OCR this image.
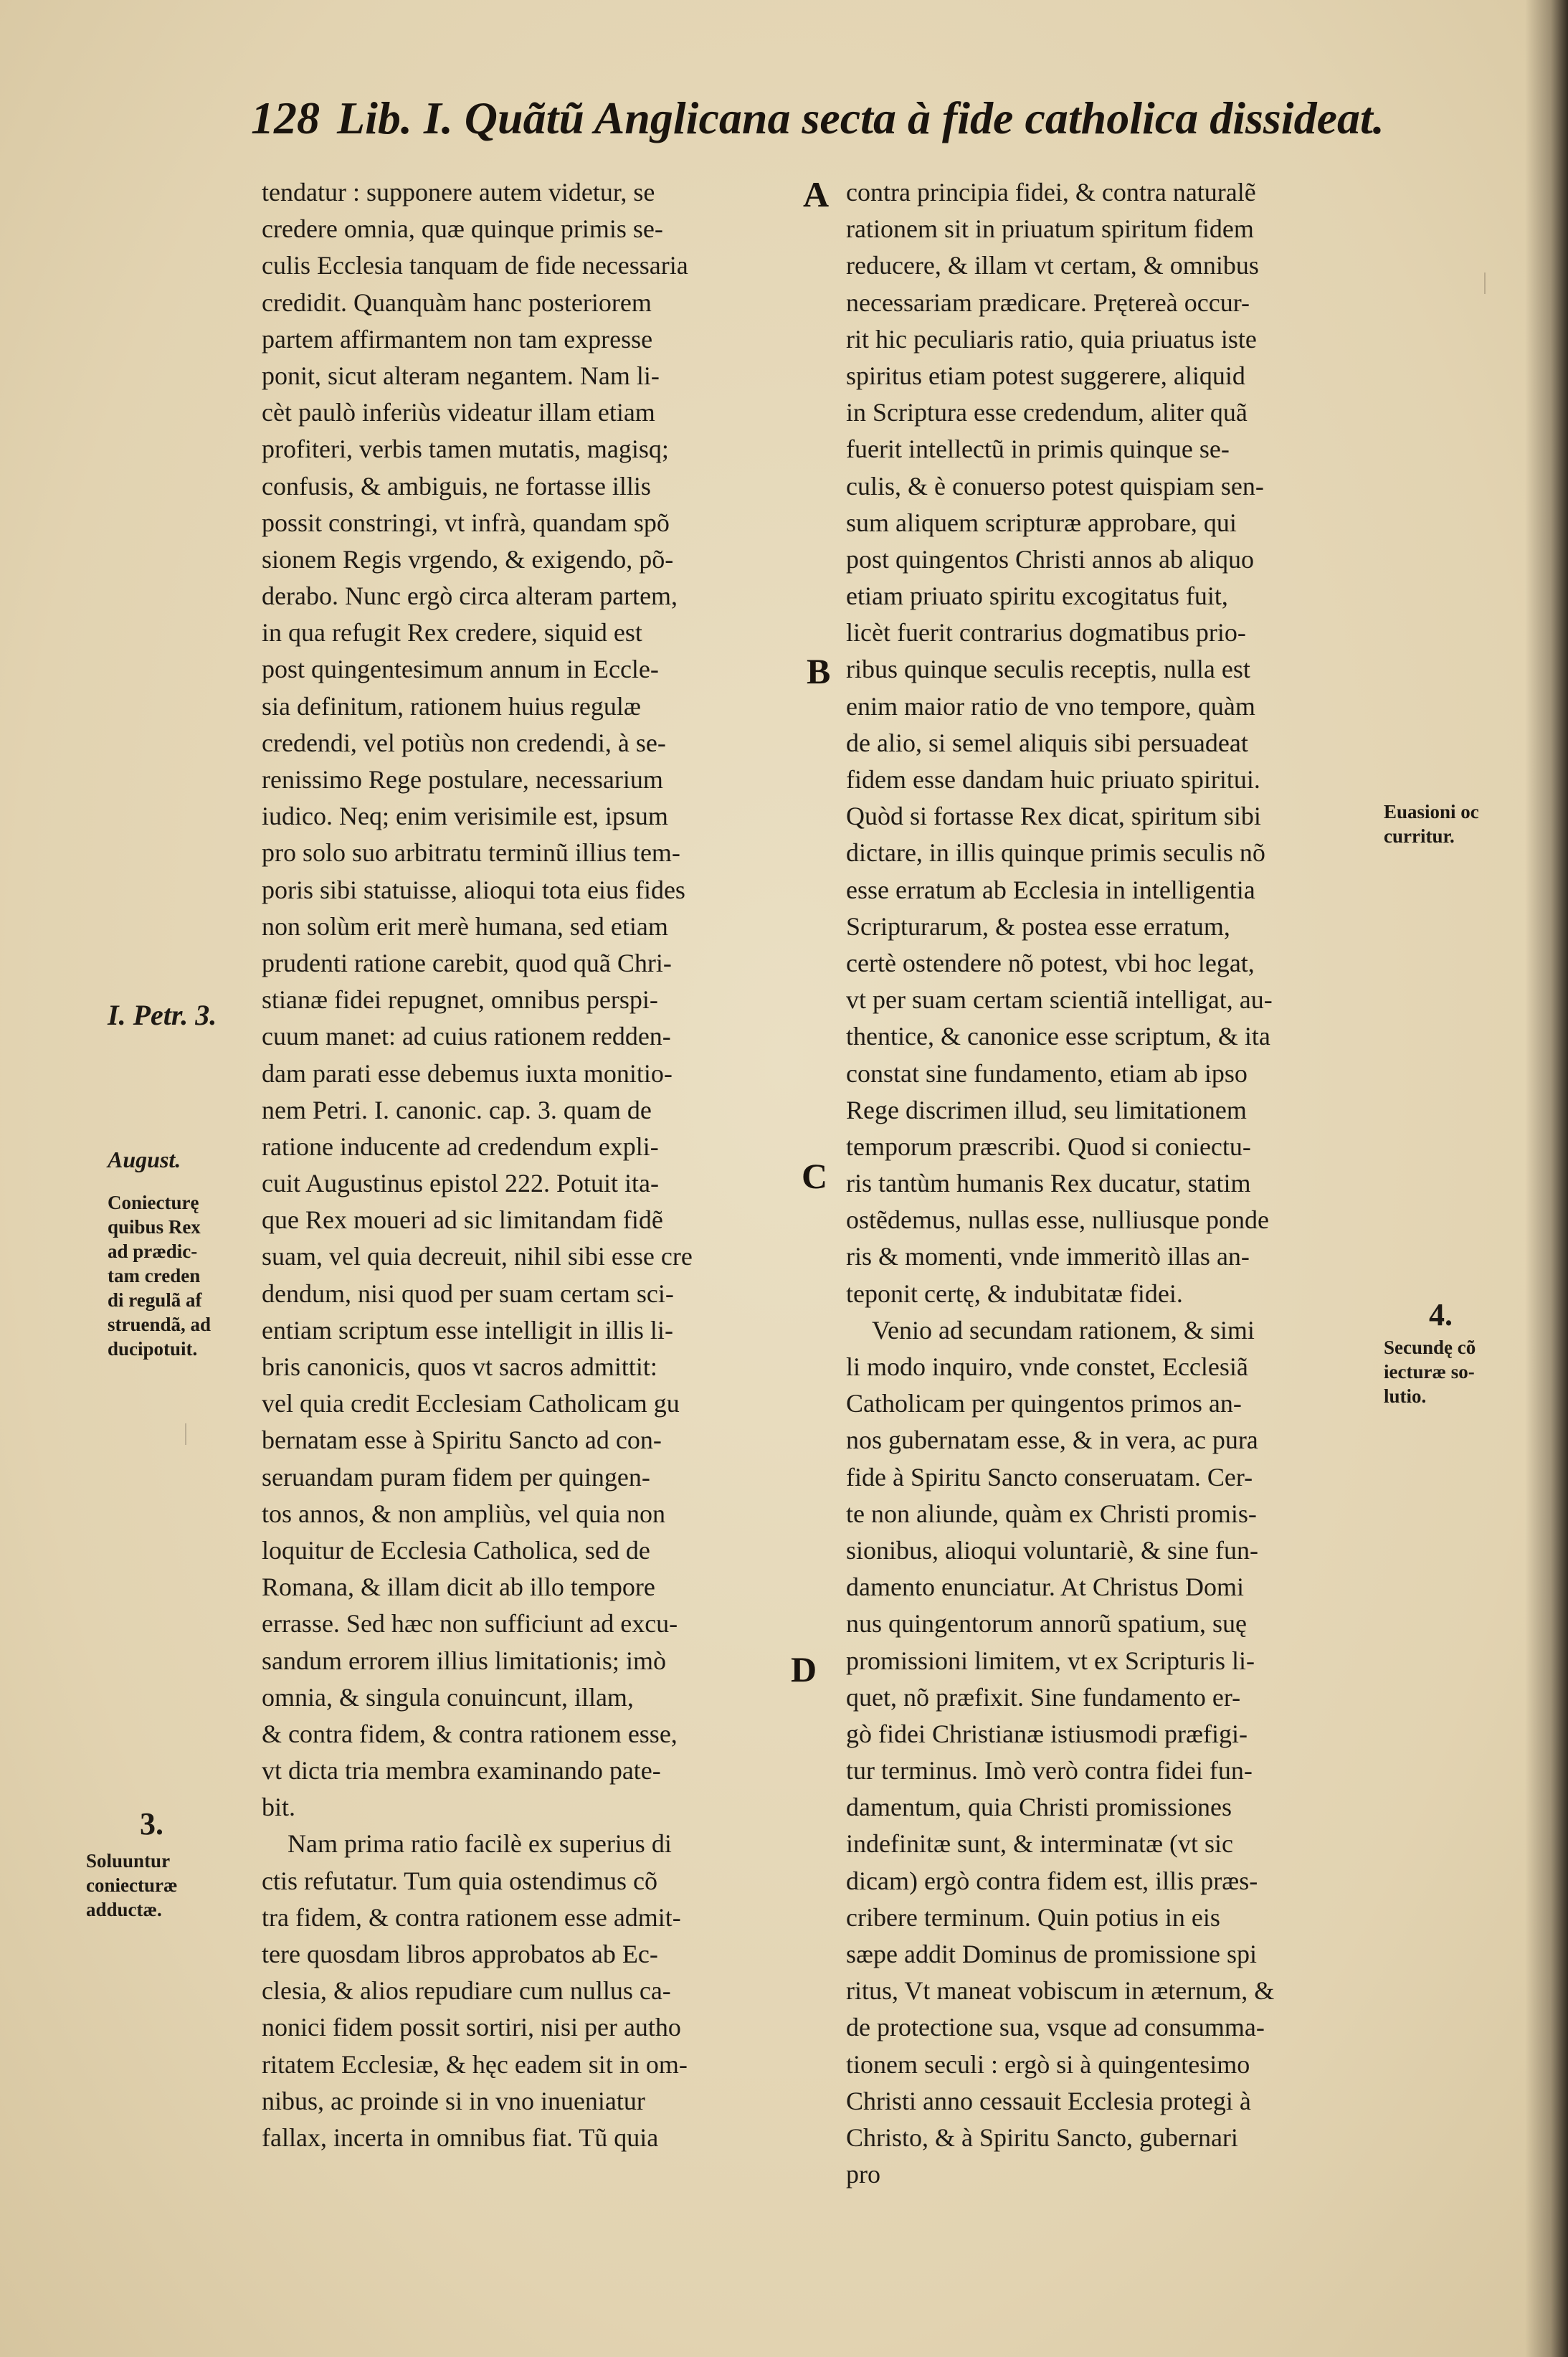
128 Lib. I. Quãtũ Anglicana secta à fide catholica dissideat.
A
B
C
D
tendatur : supponere autem videtur, se
credere omnia, quæ quinque primis se-
culis Ecclesia tanquam de fide necessaria
credidit. Quanquàm hanc posteriorem
partem affirmantem non tam expresse
ponit, sicut alteram negantem. Nam li-
cèt paulò inferiùs videatur illam etiam
profiteri, verbis tamen mutatis, magisq;
confusis, & ambiguis, ne fortasse illis
possit constringi, vt infrà, quandam spõ
sionem Regis vrgendo, & exigendo, põ-
derabo. Nunc ergò circa alteram partem,
in qua refugit Rex credere, siquid est
post quingentesimum annum in Eccle-
sia definitum, rationem huius regulæ
credendi, vel potiùs non credendi, à se-
renissimo Rege postulare, necessarium
iudico. Neq; enim verisimile est, ipsum
pro solo suo arbitratu terminũ illius tem-
poris sibi statuisse, alioqui tota eius fides
non solùm erit merè humana, sed etiam
prudenti ratione carebit, quod quã Chri-
stianæ fidei repugnet, omnibus perspi-
cuum manet: ad cuius rationem redden-
dam parati esse debemus iuxta monitio-
nem Petri. I. canonic. cap. 3. quam de
ratione inducente ad credendum expli-
cuit Augustinus epistol 222. Potuit ita-
que Rex moueri ad sic limitandam fidẽ
suam, vel quia decreuit, nihil sibi esse cre
dendum, nisi quod per suam certam sci-
entiam scriptum esse intelligit in illis li-
bris canonicis, quos vt sacros admittit:
vel quia credit Ecclesiam Catholicam gu
bernatam esse à Spiritu Sancto ad con-
seruandam puram fidem per quingen-
tos annos, & non ampliùs, vel quia non
loquitur de Ecclesia Catholica, sed de
Romana, & illam dicit ab illo tempore
errasse. Sed hæc non sufficiunt ad excu-
sandum errorem illius limitationis; imò
omnia, & singula conuincunt, illam,
& contra fidem, & contra rationem esse,
vt dicta tria membra examinando pate-
bit.
Nam prima ratio facilè ex superius di
ctis refutatur. Tum quia ostendimus cõ
tra fidem, & contra rationem esse admit-
tere quosdam libros approbatos ab Ec-
clesia, & alios repudiare cum nullus ca-
nonici fidem possit sortiri, nisi per autho
ritatem Ecclesiæ, & hęc eadem sit in om-
nibus, ac proinde si in vno inueniatur
fallax, incerta in omnibus fiat. Tũ quia
contra principia fidei, & contra naturalẽ
rationem sit in priuatum spiritum fidem
reducere, & illam vt certam, & omnibus
necessariam prædicare. Prętereà occur-
rit hic peculiaris ratio, quia priuatus iste
spiritus etiam potest suggerere, aliquid
in Scriptura esse credendum, aliter quã
fuerit intellectũ in primis quinque se-
culis, & è conuerso potest quispiam sen-
sum aliquem scripturæ approbare, qui
post quingentos Christi annos ab aliquo
etiam priuato spiritu excogitatus fuit,
licèt fuerit contrarius dogmatibus prio-
ribus quinque seculis receptis, nulla est
enim maior ratio de vno tempore, quàm
de alio, si semel aliquis sibi persuadeat
fidem esse dandam huic priuato spiritui.
Quòd si fortasse Rex dicat, spiritum sibi
dictare, in illis quinque primis seculis nõ
esse erratum ab Ecclesia in intelligentia
Scripturarum, & postea esse erratum,
certè ostendere nõ potest, vbi hoc legat,
vt per suam certam scientiã intelligat, au-
thentice, & canonice esse scriptum, & ita
constat sine fundamento, etiam ab ipso
Rege discrimen illud, seu limitationem
temporum præscribi. Quod si coniectu-
ris tantùm humanis Rex ducatur, statim
ostẽdemus, nullas esse, nulliusque ponde
ris & momenti, vnde immeritò illas an-
teponit certę, & indubitatæ fidei.
Venio ad secundam rationem, & simi
li modo inquiro, vnde constet, Ecclesiã
Catholicam per quingentos primos an-
nos gubernatam esse, & in vera, ac pura
fide à Spiritu Sancto conseruatam. Cer-
te non aliunde, quàm ex Christi promis-
sionibus, alioqui voluntariè, & sine fun-
damento enunciatur. At Christus Domi
nus quingentorum annorũ spatium, suę
promissioni limitem, vt ex Scripturis li-
quet, nõ præfixit. Sine fundamento er-
gò fidei Christianæ istiusmodi præfigi-
tur terminus. Imò verò contra fidei fun-
damentum, quia Christi promissiones
indefinitæ sunt, & interminatæ (vt sic
dicam) ergò contra fidem est, illis præs-
cribere terminum. Quin potius in eis
sæpe addit Dominus de promissione spi
ritus, Vt maneat vobiscum in æternum, &
de protectione sua, vsque ad consumma-
tionem seculi : ergò si à quingentesimo
Christi anno cessauit Ecclesia protegi à
Christo, & à Spiritu Sancto, gubernari
pro
I. Petr. 3.
August.
Coniecturę
quibus Rex
ad prædic-
tam creden
di regulã af
struendã, ad
ducipotuit.
3.
Soluuntur
coniecturæ
adductæ.
Euasioni oc
curritur.
4.
Secundę cõ
iecturæ so-
lutio.
